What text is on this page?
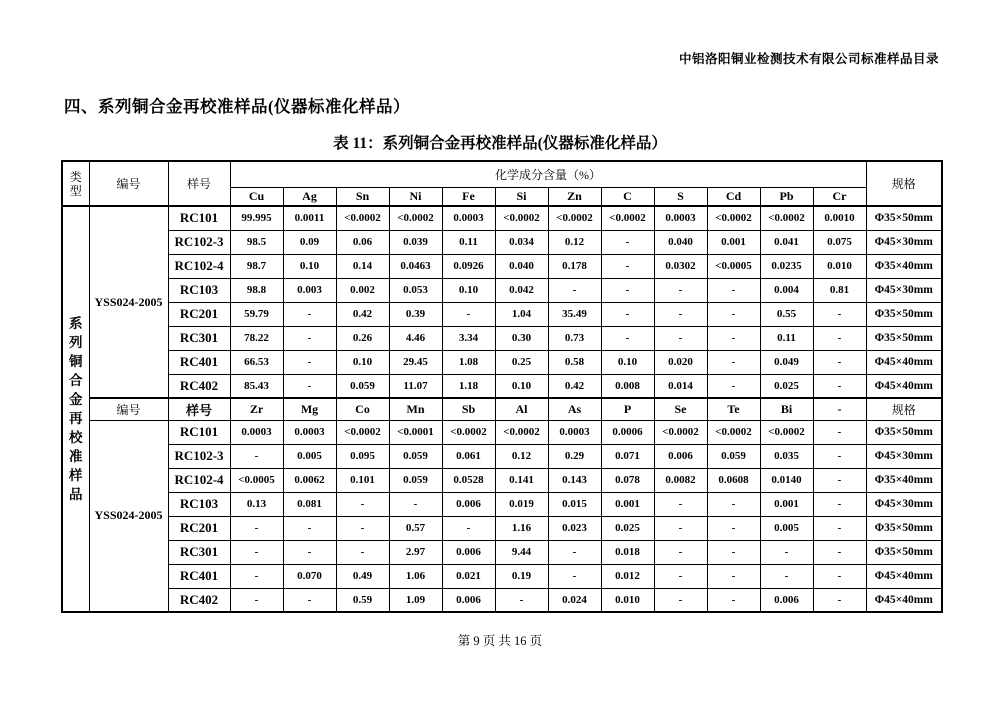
中铝洛阳铜业检测技术有限公司标准样品目录
四、系列铜合金再校准样品(仪器标准化样品）
表 11：系列铜合金再校准样品(仪器标准化样品）
类
型	编号	样号	化学成分含量（%）												规格
			Cu	Ag	Sn	Ni	Fe	Si	Zn	C	S	Cd	Pb	Cr	

系
列
铜
合
金
再
校
准
样
品
	YSS024-2005	RC101	99.995	0.0011	<0.0002	<0.0002	0.0003	<0.0002	<0.0002	<0.0002	0.0003	<0.0002	<0.0002	0.0010	Φ35×50mm
		RC102-3	98.5	0.09	0.06	0.039	0.11	0.034	0.12	-	0.040	0.001	0.041	0.075	Φ45×30mm
		RC102-4	98.7	0.10	0.14	0.0463	0.0926	0.040	0.178	-	0.0302	<0.0005	0.0235	0.010	Φ35×40mm
		RC103	98.8	0.003	0.002	0.053	0.10	0.042	-	-	-	-	0.004	0.81	Φ45×30mm
		RC201	59.79	-	0.42	0.39	-	1.04	35.49	-	-	-	0.55	-	Φ35×50mm
		RC301	78.22	-	0.26	4.46	3.34	0.30	0.73	-	-	-	0.11	-	Φ35×50mm
		RC401	66.53	-	0.10	29.45	1.08	0.25	0.58	0.10	0.020	-	0.049	-	Φ45×40mm
		RC402	85.43	-	0.059	11.07	1.18	0.10	0.42	0.008	0.014	-	0.025	-	Φ45×40mm
	编号	样号	Zr	Mg	Co	Mn	Sb	Al	As	P	Se	Te	Bi	-	规格
	YSS024-2005	RC101	0.0003	0.0003	<0.0002	<0.0001	<0.0002	<0.0002	0.0003	0.0006	<0.0002	<0.0002	<0.0002	-	Φ35×50mm
		RC102-3	-	0.005	0.095	0.059	0.061	0.12	0.29	0.071	0.006	0.059	0.035	-	Φ45×30mm
		RC102-4	<0.0005	0.0062	0.101	0.059	0.0528	0.141	0.143	0.078	0.0082	0.0608	0.0140	-	Φ35×40mm
		RC103	0.13	0.081	-	-	0.006	0.019	0.015	0.001	-	-	0.001	-	Φ45×30mm
		RC201	-	-	-	0.57	-	1.16	0.023	0.025	-	-	0.005	-	Φ35×50mm
		RC301	-	-	-	2.97	0.006	9.44	-	0.018	-	-	-	-	Φ35×50mm
		RC401	-	0.070	0.49	1.06	0.021	0.19	-	0.012	-	-	-	-	Φ45×40mm
		RC402	-	-	0.59	1.09	0.006	-	0.024	0.010	-	-	0.006	-	Φ45×40mm
第 9 页 共 16 页
